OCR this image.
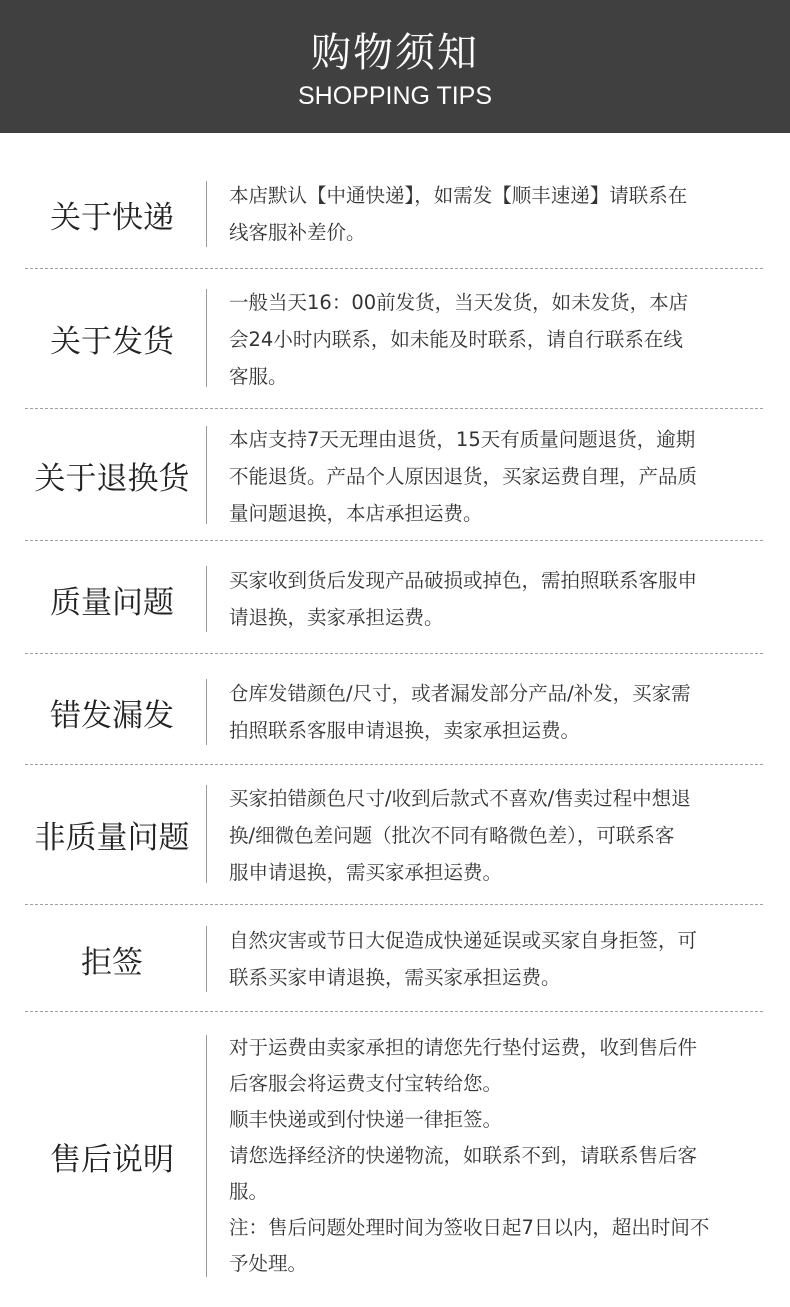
购物须知
SHOPPING TIPS
关于快递
本店默认【中通快递】，如需发【顺丰速递】请联系在
线客服补差价。
关于发货
一般当天16：00前发货，当天发货，如未发货，本店
会24小时内联系，如未能及时联系，请自行联系在线
客服。
关于退换货
本店支持7天无理由退货，15天有质量问题退货，逾期
不能退货。产品个人原因退货，买家运费自理，产品质
量问题退换，本店承担运费。
质量问题
买家收到货后发现产品破损或掉色，需拍照联系客服申
请退换，卖家承担运费。
错发漏发
仓库发错颜色/尺寸，或者漏发部分产品/补发，买家需
拍照联系客服申请退换，卖家承担运费。
非质量问题
买家拍错颜色尺寸/收到后款式不喜欢/售卖过程中想退
换/细微色差问题（批次不同有略微色差），可联系客
服申请退换，需买家承担运费。
拒签
自然灾害或节日大促造成快递延误或买家自身拒签，可
联系买家申请退换，需买家承担运费。
售后说明
对于运费由卖家承担的请您先行垫付运费，收到售后件
后客服会将运费支付宝转给您。
顺丰快递或到付快递一律拒签。
请您选择经济的快递物流，如联系不到，请联系售后客
服。
注：售后问题处理时间为签收日起7日以内，超出时间不
予处理。
